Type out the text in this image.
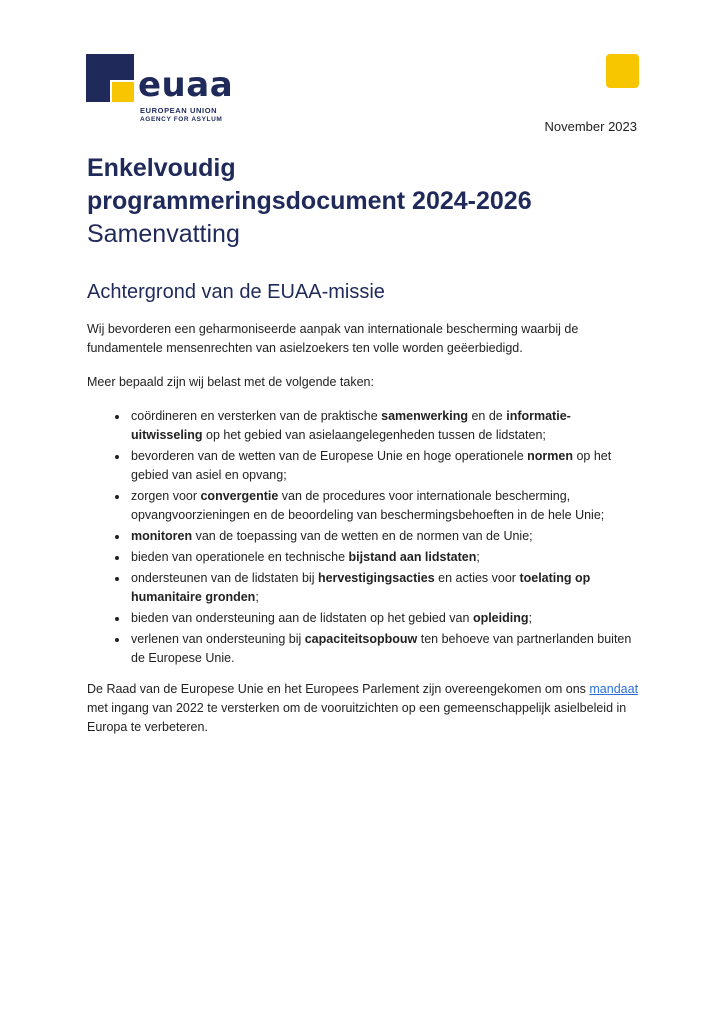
euaa
EUROPEAN UNION
AGENCY FOR ASYLUM	November 2023
Enkelvoudig
programmeringsdocument 2024-2026
Samenvatting
Achtergrond van de EUAA-missie

Wij bevorderen een geharmoniseerde aanpak van internationale bescherming waarbij de fundamentele mensenrechten van asielzoekers ten volle worden geëerbiedigd.

Meer bepaald zijn wij belast met de volgende taken:

• coördineren en versterken van de praktische samenwerking en de informatie-uitwisseling op het gebied van asielaangelegenheden tussen de lidstaten;
• bevorderen van de wetten van de Europese Unie en hoge operationele normen op het gebied van asiel en opvang;
• zorgen voor convergentie van de procedures voor internationale bescherming, opvangvoorzieningen en de beoordeling van beschermingsbehoeften in de hele Unie;
• monitoren van de toepassing van de wetten en de normen van de Unie;
• bieden van operationele en technische bijstand aan lidstaten;
• ondersteunen van de lidstaten bij hervestigingsacties en acties voor toelating op humanitaire gronden;
• bieden van ondersteuning aan de lidstaten op het gebied van opleiding;
• verlenen van ondersteuning bij capaciteitsopbouw ten behoeve van partnerlanden buiten de Europese Unie.

De Raad van de Europese Unie en het Europees Parlement zijn overeengekomen om ons mandaat met ingang van 2022 te versterken om de vooruitzichten op een gemeenschappelijk asielbeleid in Europa te verbeteren.
